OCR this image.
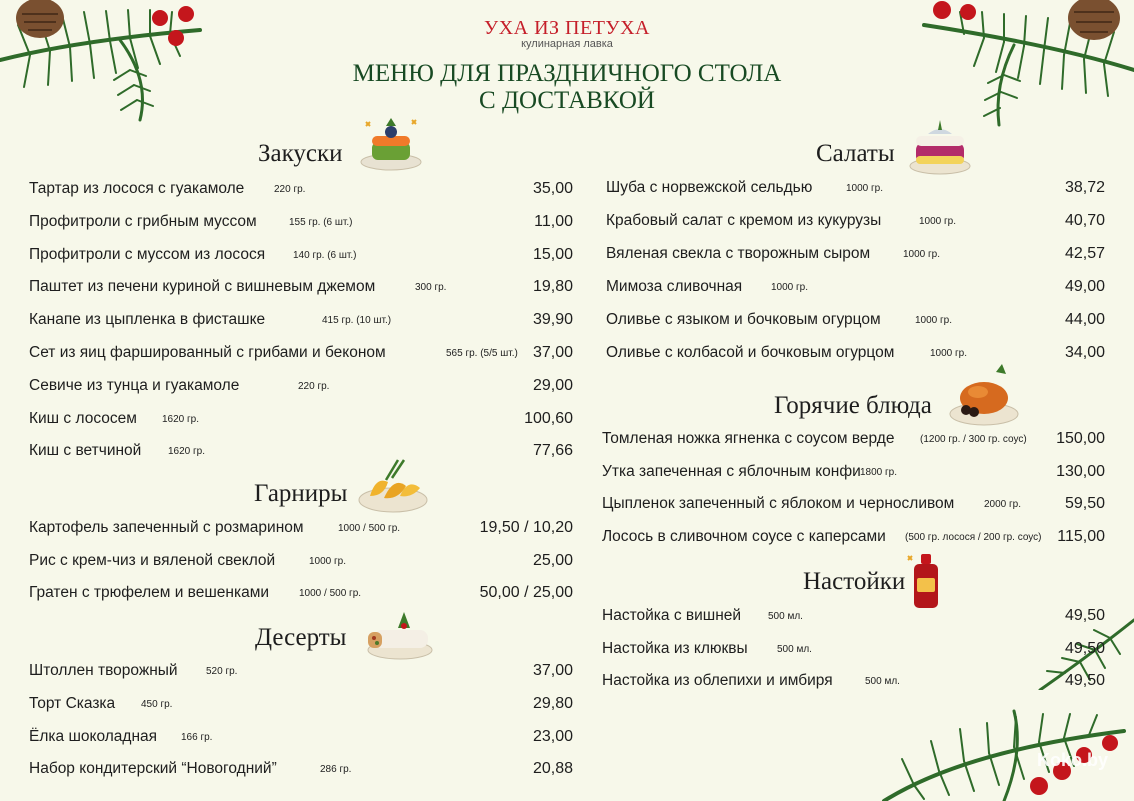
УХА ИЗ ПЕТУХА
кулинарная лавка
МЕНЮ ДЛЯ ПРАЗДНИЧНОГО СТОЛА
С ДОСТАВКОЙ
Закуски
Гарниры
Десерты
Салаты
Горячие блюда
Настойки
Тартар из лосося с гуакамоле	220 гр.	35,00
Профитроли с грибным муссом	155 гр. (6 шт.)	11,00
Профитроли с муссом из лосося	140 гр. (6 шт.)	15,00
Паштет из печени куриной с вишневым джемом	300 гр.	19,80
Канапе из цыпленка в фисташке	415 гр. (10 шт.)	39,90
Сет из яиц фаршированный с грибами и беконом	565 гр. (5/5 шт.) 37,00
Севиче из тунца и гуакамоле	220 гр.	29,00
Киш с лососем	1620 гр.	100,60
Киш с ветчиной	1620 гр.	77,66
Картофель запеченный с розмарином	1000 / 500 гр.	19,50 / 10,20
Рис с крем-чиз и вяленой свеклой	1000 гр.	25,00
Гратен с трюфелем и вешенками	1000 / 500 гр.	50,00 / 25,00
Штоллен творожный	520 гр.	37,00
Торт Сказка	450 гр.	29,80
Ёлка шоколадная 166 гр.	23,00
Набор кондитерский “Новогодний”	286 гр.	20,88
Шуба с норвежской сельдью	1000 гр.	38,72
Крабовый салат с кремом из кукурузы	1000 гр.	40,70
Вяленая свекла с творожным сыром	1000 гр.	42,57
Мимоза сливочная	1000 гр.	49,00
Оливье с языком и бочковым огурцом	1000 гр.	44,00
Оливье с колбасой и бочковым огурцом	1000 гр.	34,00
Томленая ножка ягненка с соусом верде	(1200 гр. / 300 гр. соус) 150,00
Утка запеченная с яблочным конфи 1800 гр.	130,00
Цыпленок запеченный с яблоком и черносливом	2000 гр.	59,50
Лосось в сливочном соусе с каперсами (500 гр. лосося / 200 гр. соус) 115,00
Настойка с вишней	500 мл.	49,50
Настойка из клюквы	500 мл.	49,50
Настойка из облепихи и имбиря	500 мл.	49,50
Koko.by
